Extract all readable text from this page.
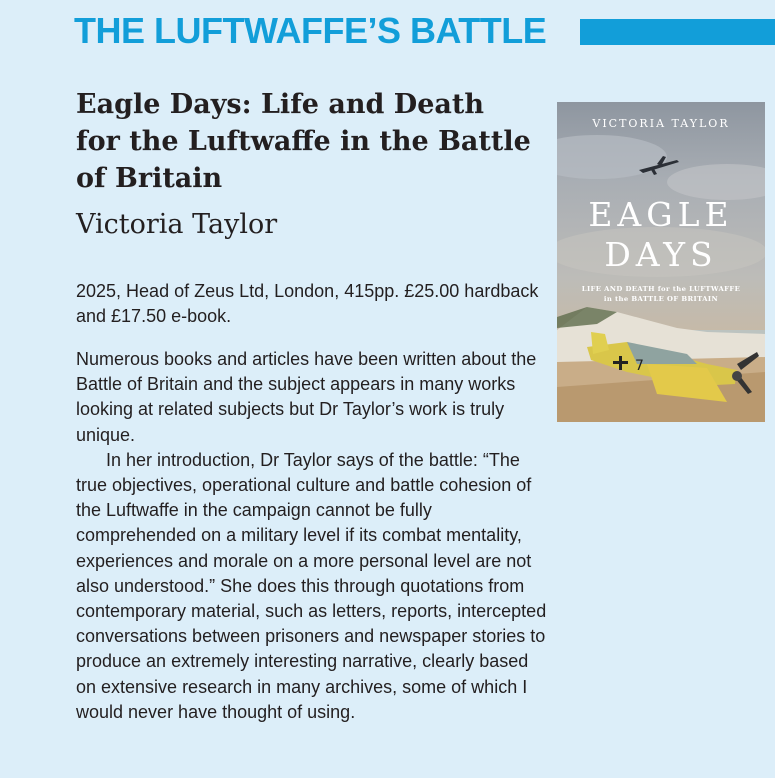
THE LUFTWAFFE’S BATTLE
Eagle Days: Life and Death for the Luftwaffe in the Battle of Britain
Victoria Taylor

2025, Head of Zeus Ltd, London, 415pp. £25.00 hardback and £17.50 e-book.

Numerous books and articles have been written about the Battle of Britain and the subject appears in many works looking at related subjects but Dr Taylor’s work is truly unique.

In her introduction, Dr Taylor says of the battle: “The true objectives, operational culture and battle cohesion of the Luftwaffe in the campaign cannot be fully comprehended on a military level if its combat mentality, experiences and morale on a more personal level are not also understood.” She does this through quotations from contemporary material, such as letters, reports, intercepted conversations between prisoners and newspaper stories to produce an extremely interesting narrative, clearly based on extensive research in many archives, some of which I would never have thought of using.

7
VICTORIA TAYLOR
EAGLE
DAYS
LIFE AND DEATH for the LUFTWAFFE
in the BATTLE OF BRITAIN
